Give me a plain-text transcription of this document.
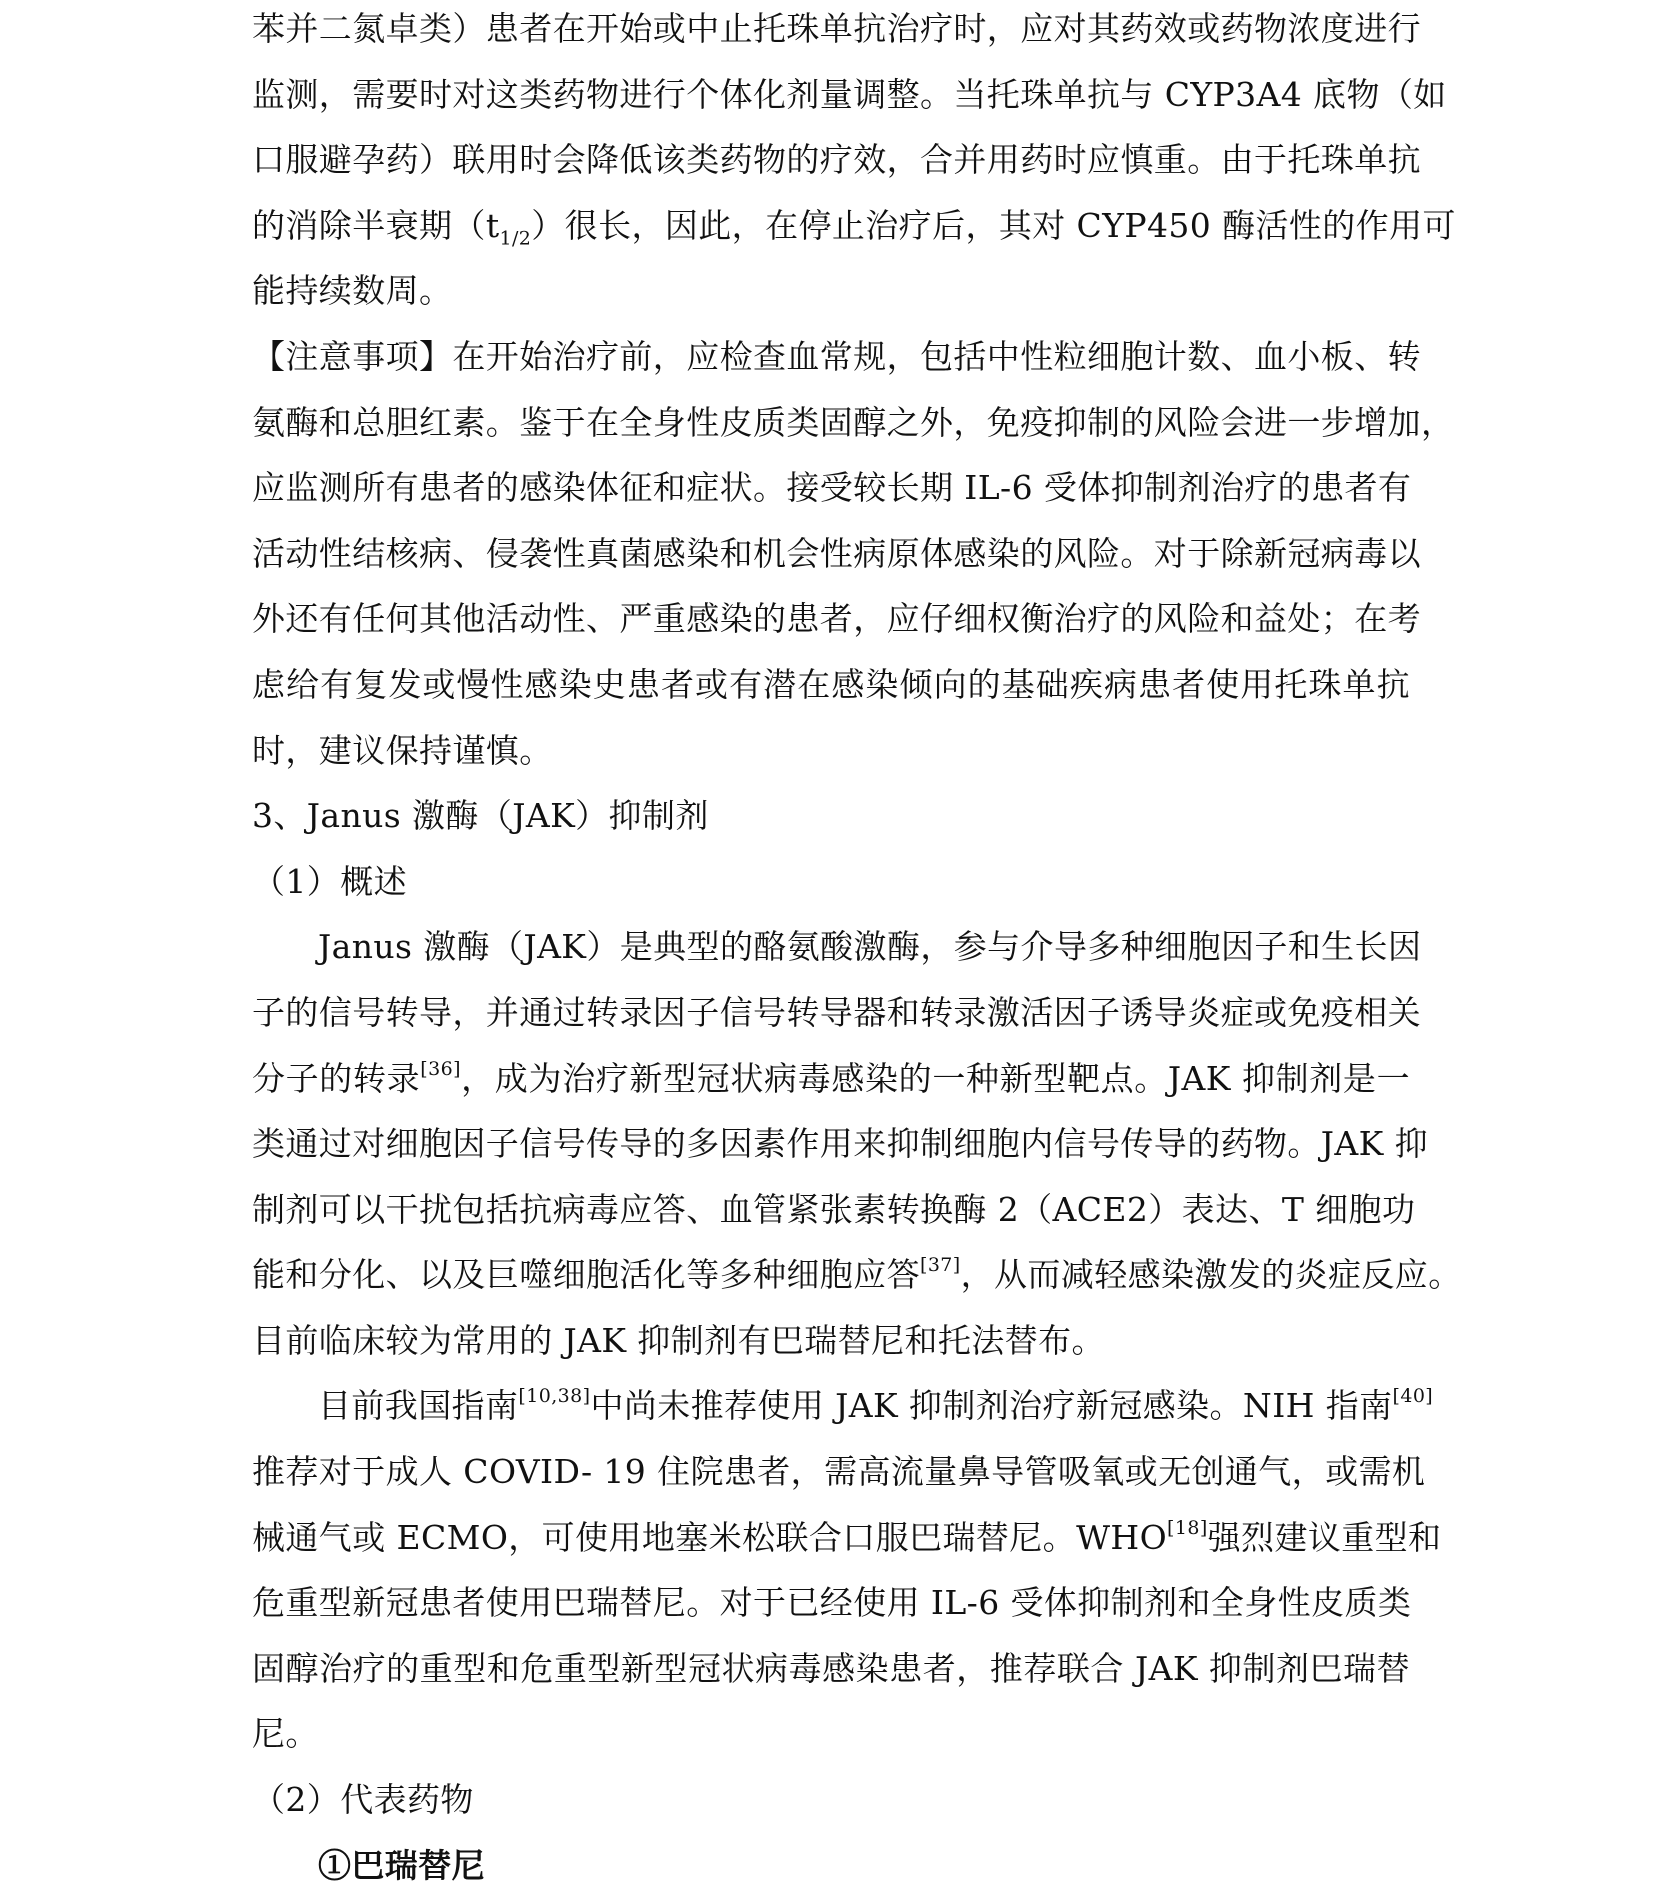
苯并二氮卓类）患者在开始或中止托珠单抗治疗时，应对其药效或药物浓度进行
监测，需要时对这类药物进行个体化剂量调整。当托珠单抗与 CYP3A4 底物（如
口服避孕药）联用时会降低该类药物的疗效，合并用药时应慎重。由于托珠单抗
的消除半衰期$(t_{1/2})$很长，因此，在停止治疗后，其对 CYP450 酶活性的作用可
能持续数周。
【注意事项】在开始治疗前，应检查血常规，包括中性粒细胞计数、血小板、转
氨酶和总胆红素。鉴于在全身性皮质类固醇之外，免疫抑制的风险会进一步增加，
应监测所有患者的感染体征和症状。接受较长期 IL-6 受体抑制剂治疗的患者有
活动性结核病、侵袭性真菌感染和机会性病原体感染的风险。对于除新冠病毒以
外还有任何其他活动性、严重感染的患者，应仔细权衡治疗的风险和益处；在考
虑给有复发或慢性感染史患者或有潜在感染倾向的基础疾病患者使用托珠单抗
时，建议保持谨慎。
3、Janus 激酶（JAK）抑制剂
（1）概述
Janus 激酶（JAK）是典型的酪氨酸激酶，参与介导多种细胞因子和生长因
子的信号转导，并通过转录因子信号转导器和转录激活因子诱导炎症或免疫相关
分子的转录[36]，成为治疗新型冠状病毒感染的一种新型靶点。JAK 抑制剂是一
类通过对细胞因子信号传导的多因素作用来抑制细胞内信号传导的药物。JAK 抑
制剂可以干扰包括抗病毒应答、血管紧张素转换酶 2（ACE2）表达、T 细胞功
能和分化、以及巨噬细胞活化等多种细胞应答[37]，从而减轻感染激发的炎症反应。
目前临床较为常用的 JAK 抑制剂有巴瑞替尼和托法替布。
目前我国指南[10,38]中尚未推荐使用 JAK 抑制剂治疗新冠感染。NIH 指南[40]
推荐对于成人 COVID- 19 住院患者，需高流量鼻导管吸氧或无创通气，或需机
械通气或 ECMO，可使用地塞米松联合口服巴瑞替尼。WHO[18]强烈建议重型和
危重型新冠患者使用巴瑞替尼。对于已经使用 IL-6 受体抑制剂和全身性皮质类
固醇治疗的重型和危重型新型冠状病毒感染患者，推荐联合 JAK 抑制剂巴瑞替
尼。
（2）代表药物
①巴瑞替尼
